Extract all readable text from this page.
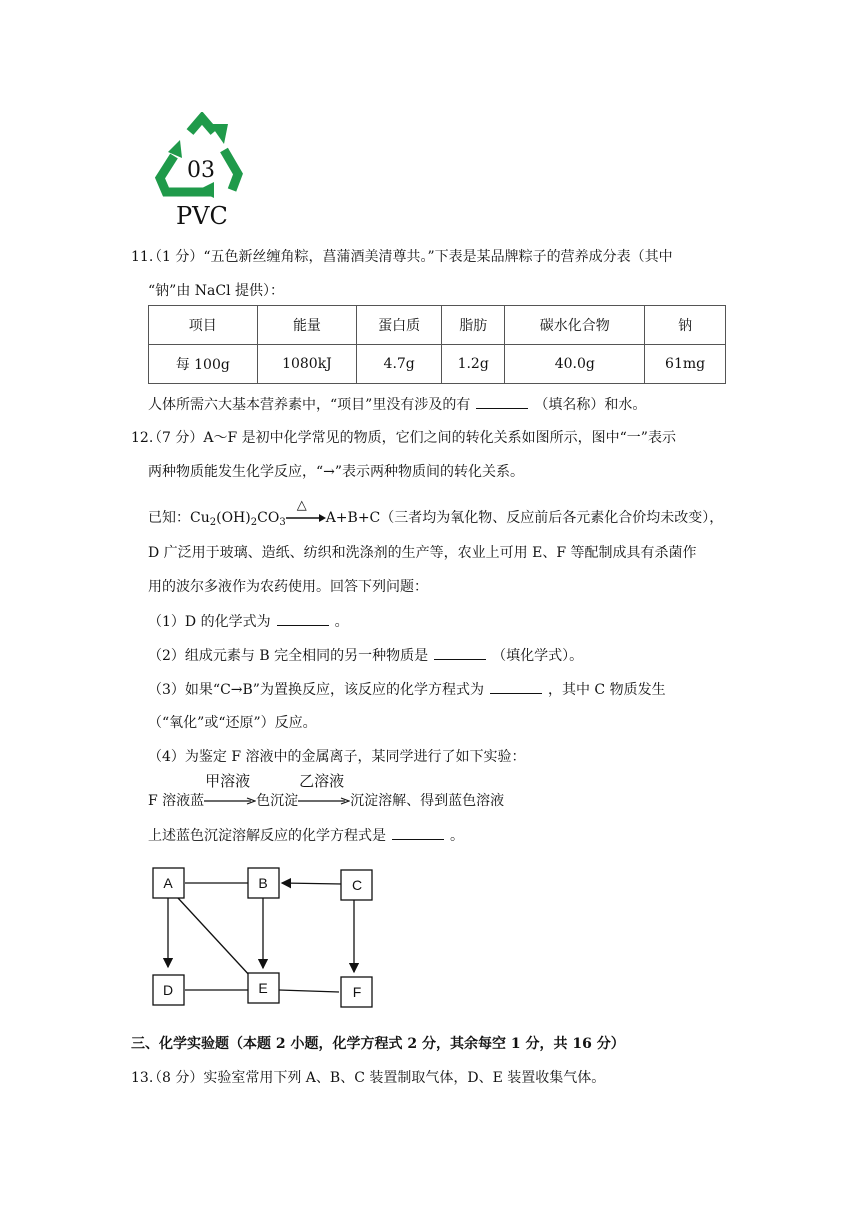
03
PVC
11.
（1 分）“五色新丝缠角粽，菖蒲酒美清尊共。”下表是某品牌粽子的营养成分表（其中
“钠”由 NaCl 提供）：
项目	能量	蛋白质	脂肪	碳水化合物	钠
每 100g	1080kJ	4.7g	1.2g	40.0g	61mg
人体所需六大基本营养素中，“项目”里没有涉及的有	（填名称）和水。
12.
（7 分）A～F 是初中化学常见的物质，它们之间的转化关系如图所示，图中“一”表示
两种物质能发生化学反应，“→”表示两种物质间的转化关系。
已知：$Cu_2(OH)_2CO_3$
△
A+B+C（三者均为氧化物、反应前后各元素化合价均未改变），
D 广泛用于玻璃、造纸、纺织和洗涤剂的生产等，农业上可用 E、F 等配制成具有杀菌作
用的波尔多液作为农药使用。回答下列问题：
（1）D 的化学式为	。
（2）组成元素与 B 完全相同的另一种物质是	（填化学式）。
（3）如果“C→B”为置换反应，该反应的化学方程式为	，其中 C 物质发生
（“氧化”或“还原”）反应。
（4）为鉴定 F 溶液中的金属离子，某同学进行了如下实验：
F 溶液蓝
甲溶液
色沉淀
乙溶液
沉淀溶解、得到蓝色溶液
上述蓝色沉淀溶解反应的化学方程式是	。
A	B	C
D	E	F
三、化学实验题（本题 2 小题，化学方程式 2 分，其余每空 1 分，共 16 分）
13.
（8 分）实验室常用下列 A、B、C 装置制取气体，D、E 装置收集气体。
